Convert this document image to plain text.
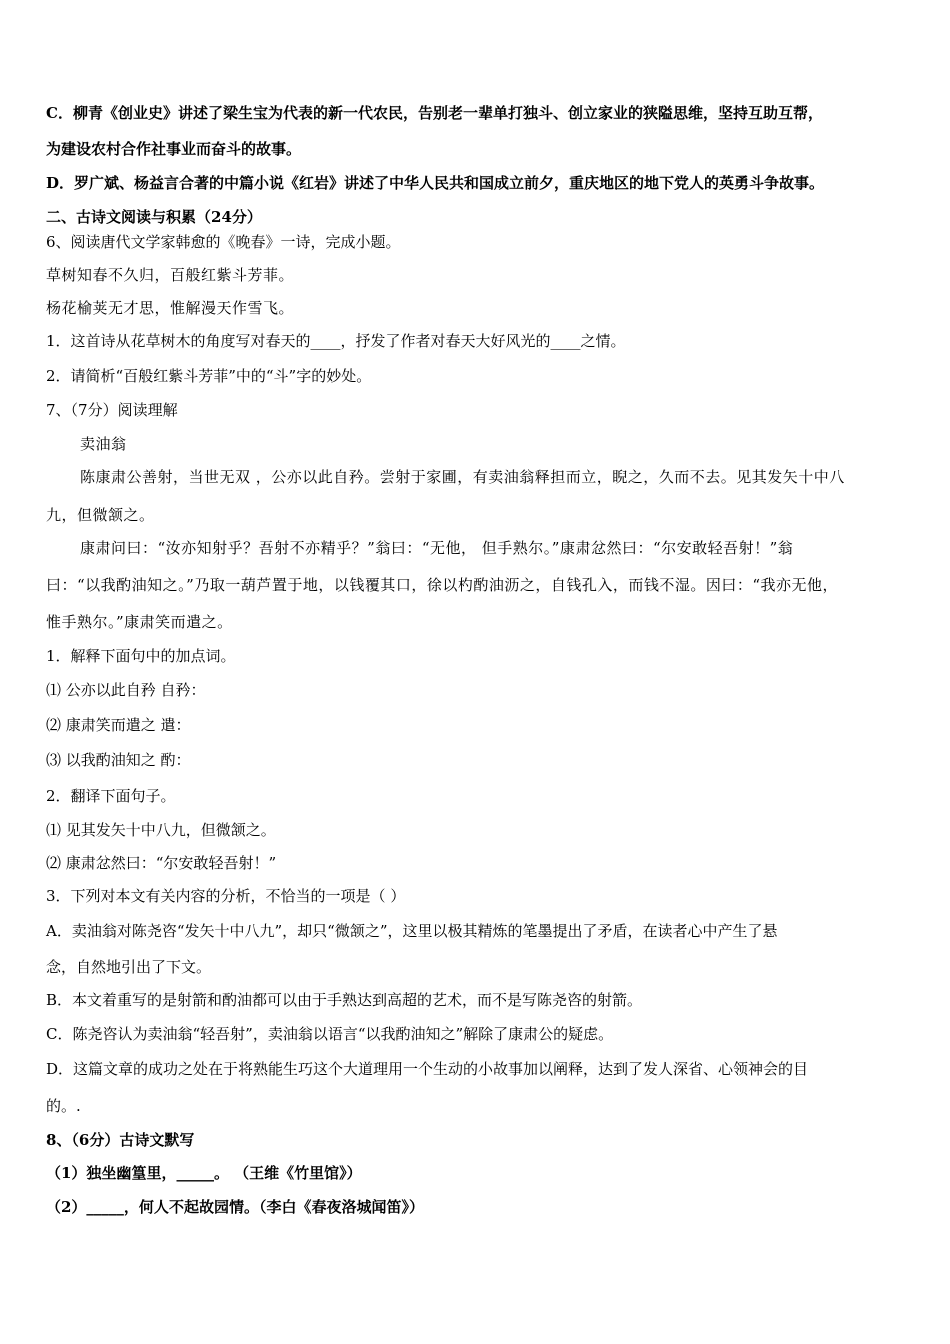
C．柳青《创业史》讲述了梁生宝为代表的新一代农民，告别老一辈单打独斗、创立家业的狭隘思维，坚持互助互帮，
为建设农村合作社事业而奋斗的故事。
D．罗广斌、杨益言合著的中篇小说《红岩》讲述了中华人民共和国成立前夕，重庆地区的地下党人的英勇斗争故事。
二、古诗文阅读与积累（24分）
6、阅读唐代文学家韩愈的《晚春》一诗，完成小题。
草树知春不久归，百般红紫斗芳菲。
杨花榆荚无才思，惟解漫天作雪飞。
1．这首诗从花草树木的角度写对春天的____，抒发了作者对春天大好风光的____之情。
2．请简析“百般红紫斗芳菲”中的“斗”字的妙处。
7、（7分）阅读理解
卖油翁
陈康肃公善射，当世无双 ，公亦以此自矜。尝射于家圃，有卖油翁释担而立，睨之，久而不去。见其发矢十中八
九，但微颔之。
康肃问曰：“汝亦知射乎？吾射不亦精乎？”翁曰：“无他， 但手熟尔。”康肃忿然曰：“尔安敢轻吾射！”翁
曰：“以我酌油知之。”乃取一葫芦置于地，以钱覆其口，徐以杓酌油沥之，自钱孔入，而钱不湿。因曰：“我亦无他，
惟手熟尔。”康肃笑而遣之。
1．解释下面句中的加点词。
⑴ 公亦以此自矜 自矜：
⑵ 康肃笑而遣之 遣：
⑶ 以我酌油知之 酌：
2．翻译下面句子。
⑴ 见其发矢十中八九，但微颔之。
⑵ 康肃忿然曰：“尔安敢轻吾射！”
3．下列对本文有关内容的分析，不恰当的一项是（ ）
A．卖油翁对陈尧咨“发矢十中八九”，却只“微颔之”，这里以极其精炼的笔墨提出了矛盾，在读者心中产生了悬
念，自然地引出了下文。
B．本文着重写的是射箭和酌油都可以由于手熟达到高超的艺术，而不是写陈尧咨的射箭。
C．陈尧咨认为卖油翁“轻吾射”，卖油翁以语言“以我酌油知之”解除了康肃公的疑虑。
D．这篇文章的成功之处在于将熟能生巧这个大道理用一个生动的小故事加以阐释，达到了发人深省、心领神会的目
的。.
8、（6分）古诗文默写
（1）独坐幽篁里，_____。 （王维《竹里馆》）
（2）_____，何人不起故园情。（李白《春夜洛城闻笛》）
